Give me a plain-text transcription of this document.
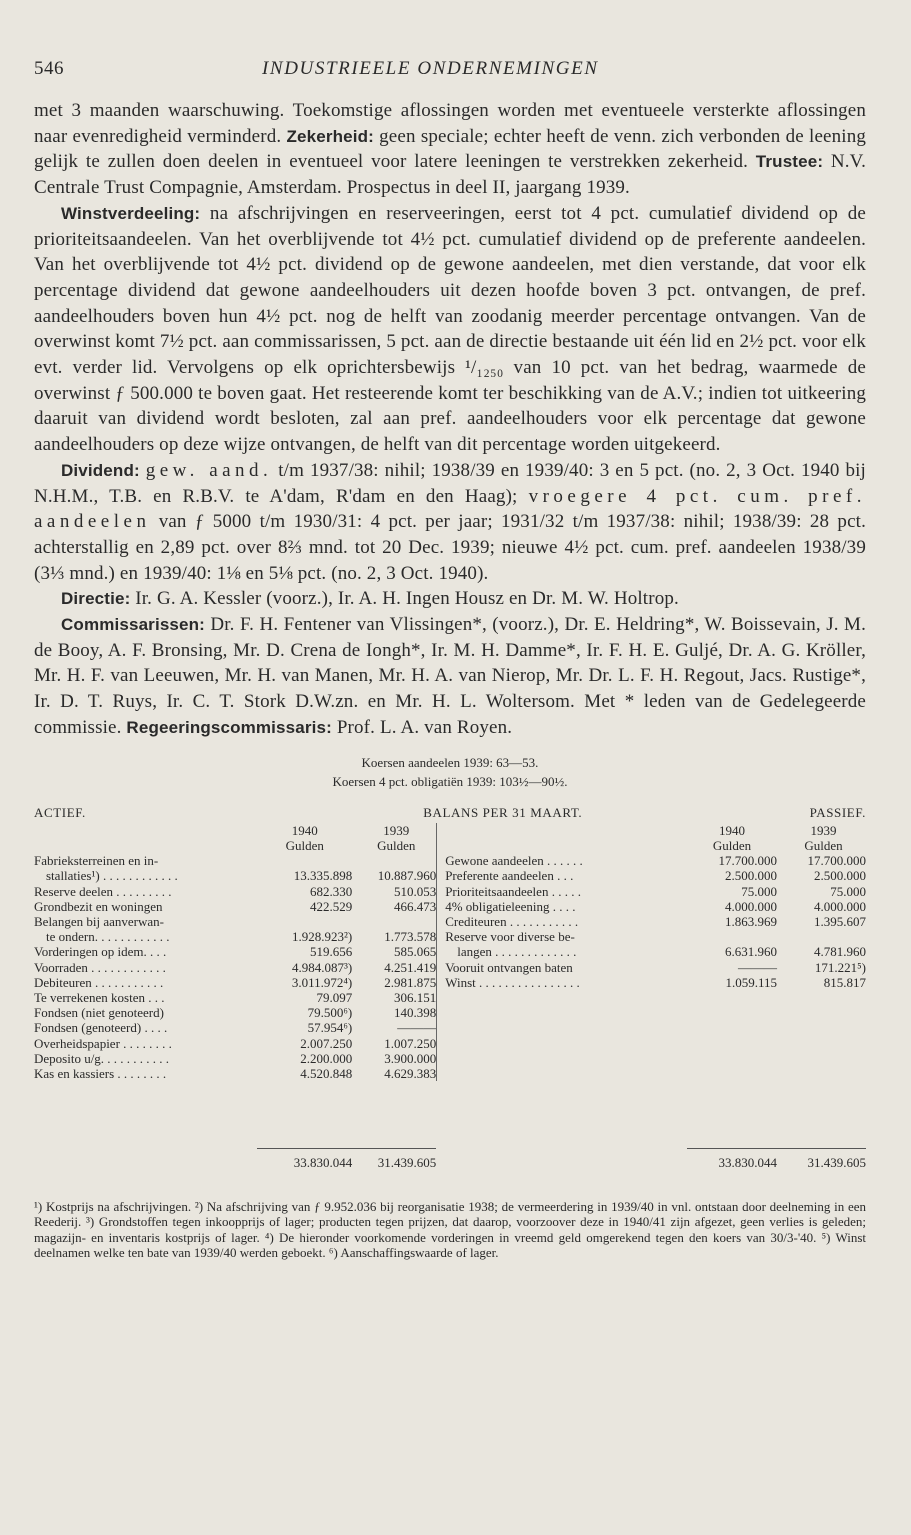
546	INDUSTRIEELE ONDERNEMINGEN

met 3 maanden waarschuwing. Toekomstige aflossingen worden met eventueele versterkte aflossingen naar evenredigheid verminderd. Zekerheid: geen speciale; echter heeft de venn. zich verbonden de leening gelijk te zullen doen deelen in eventueel voor latere leeningen te verstrekken zekerheid. Trustee: N.V. Centrale Trust Compagnie, Amsterdam. Prospectus in deel II, jaargang 1939.

Winstverdeeling: na afschrijvingen en reserveeringen, eerst tot 4 pct. cumulatief dividend op de prioriteitsaandeelen. Van het overblijvende tot 4½ pct. cumulatief dividend op de preferente aandeelen. Van het overblijvende tot 4½ pct. dividend op de gewone aandeelen, met dien verstande, dat voor elk percentage dividend dat gewone aandeelhouders uit dezen hoofde boven 3 pct. ontvangen, de pref. aandeelhouders boven hun 4½ pct. nog de helft van zoodanig meerder percentage ontvangen. Van de overwinst komt 7½ pct. aan commissarissen, 5 pct. aan de directie bestaande uit één lid en 2½ pct. voor elk evt. verder lid. Vervolgens op elk oprichtersbewijs ¹/₁₂₅₀ van 10 pct. van het bedrag, waarmede de overwinst ƒ 500.000 te boven gaat. Het resteerende komt ter beschikking van de A.V.; indien tot uitkeering daaruit van dividend wordt besloten, zal aan pref. aandeelhouders voor elk percentage dat gewone aandeelhouders op deze wijze ontvangen, de helft van dit percentage worden uitgekeerd.

Dividend: gew. aand. t/m 1937/38: nihil; 1938/39 en 1939/40: 3 en 5 pct. (no. 2, 3 Oct. 1940 bij N.H.M., T.B. en R.B.V. te A'dam, R'dam en den Haag); vroegere 4 pct. cum. pref. aandeelen van ƒ 5000 t/m 1930/31: 4 pct. per jaar; 1931/32 t/m 1937/38: nihil; 1938/39: 28 pct. achterstallig en 2,89 pct. over 8⅔ mnd. tot 20 Dec. 1939; nieuwe 4½ pct. cum. pref. aandeelen 1938/39 (3⅓ mnd.) en 1939/40: 1⅛ en 5⅛ pct. (no. 2, 3 Oct. 1940).

Directie: Ir. G. A. Kessler (voorz.), Ir. A. H. Ingen Housz en Dr. M. W. Holtrop.

Commissarissen: Dr. F. H. Fentener van Vlissingen*, (voorz.), Dr. E. Heldring*, W. Boissevain, J. M. de Booy, A. F. Bronsing, Mr. D. Crena de Iongh*, Ir. M. H. Damme*, Ir. F. H. E. Guljé, Dr. A. G. Kröller, Mr. H. F. van Leeuwen, Mr. H. van Manen, Mr. H. A. van Nierop, Mr. Dr. L. F. H. Regout, Jacs. Rustige*, Ir. D. T. Ruys, Ir. C. T. Stork D.W.zn. en Mr. H. L. Woltersom. Met * leden van de Gedelegeerde commissie. Regeeringscommissaris: Prof. L. A. van Royen.

Koersen aandeelen 1939: 63—53.
Koersen 4 pct. obligatiën 1939: 103½—90½.
ACTIEF.	BALANS PER 31 MAART.	PASSIEF.
1940	1939
Gulden	Gulden
Fabrieksterreinen en in-
stallaties¹) . . . . . . . . . . . .	13.335.898	10.887.960
Reserve deelen . . . . . . . . .	682.330	510.053
Grondbezit en woningen	422.529	466.473
Belangen bij aanverwan-
te ondern. . . . . . . . . . . .	1.928.923²)	1.773.578
Vorderingen op idem. . . .	519.656	585.065
Voorraden . . . . . . . . . . . .	4.984.087³)	4.251.419
Debiteuren . . . . . . . . . . .	3.011.972⁴)	2.981.875
Te verrekenen kosten . . .	79.097	306.151
Fondsen (niet genoteerd)	79.500⁶)	140.398
Fondsen (genoteerd) . . . .	57.954⁶)	———
Overheidspapier . . . . . . . .	2.007.250	1.007.250
Deposito u/g. . . . . . . . . . .	2.200.000	3.900.000
Kas en kassiers . . . . . . . .	4.520.848	4.629.383
1940	1939
Gulden	Gulden
Gewone aandeelen . . . . . .	17.700.000	17.700.000
Preferente aandeelen . . .	2.500.000	2.500.000
Prioriteitsaandeelen . . . . .	75.000	75.000
4% obligatieleening . . . .	4.000.000	4.000.000
Crediteuren . . . . . . . . . . .	1.863.969	1.395.607
Reserve voor diverse be-
langen . . . . . . . . . . . . .	6.631.960	4.781.960
Vooruit ontvangen baten	———	171.221⁵)
Winst . . . . . . . . . . . . . . . .	1.059.115	815.817
33.830.044	31.439.605	33.830.044	31.439.605
¹) Kostprijs na afschrijvingen. ²) Na afschrijving van ƒ 9.952.036 bij reorganisatie 1938; de vermeerdering in 1939/40 in vnl. ontstaan door deelneming in een Reederij. ³) Grondstoffen tegen inkoopprijs of lager; producten tegen prijzen, dat daarop, voorzoover deze in 1940/41 zijn afgezet, geen verlies is geleden; magazijn- en inventaris kostprijs of lager. ⁴) De hieronder voorkomende vorderingen in vreemd geld omgerekend tegen den koers van 30/3-'40. ⁵) Winst deelnamen welke ten bate van 1939/40 werden geboekt. ⁶) Aanschaffingswaarde of lager.
